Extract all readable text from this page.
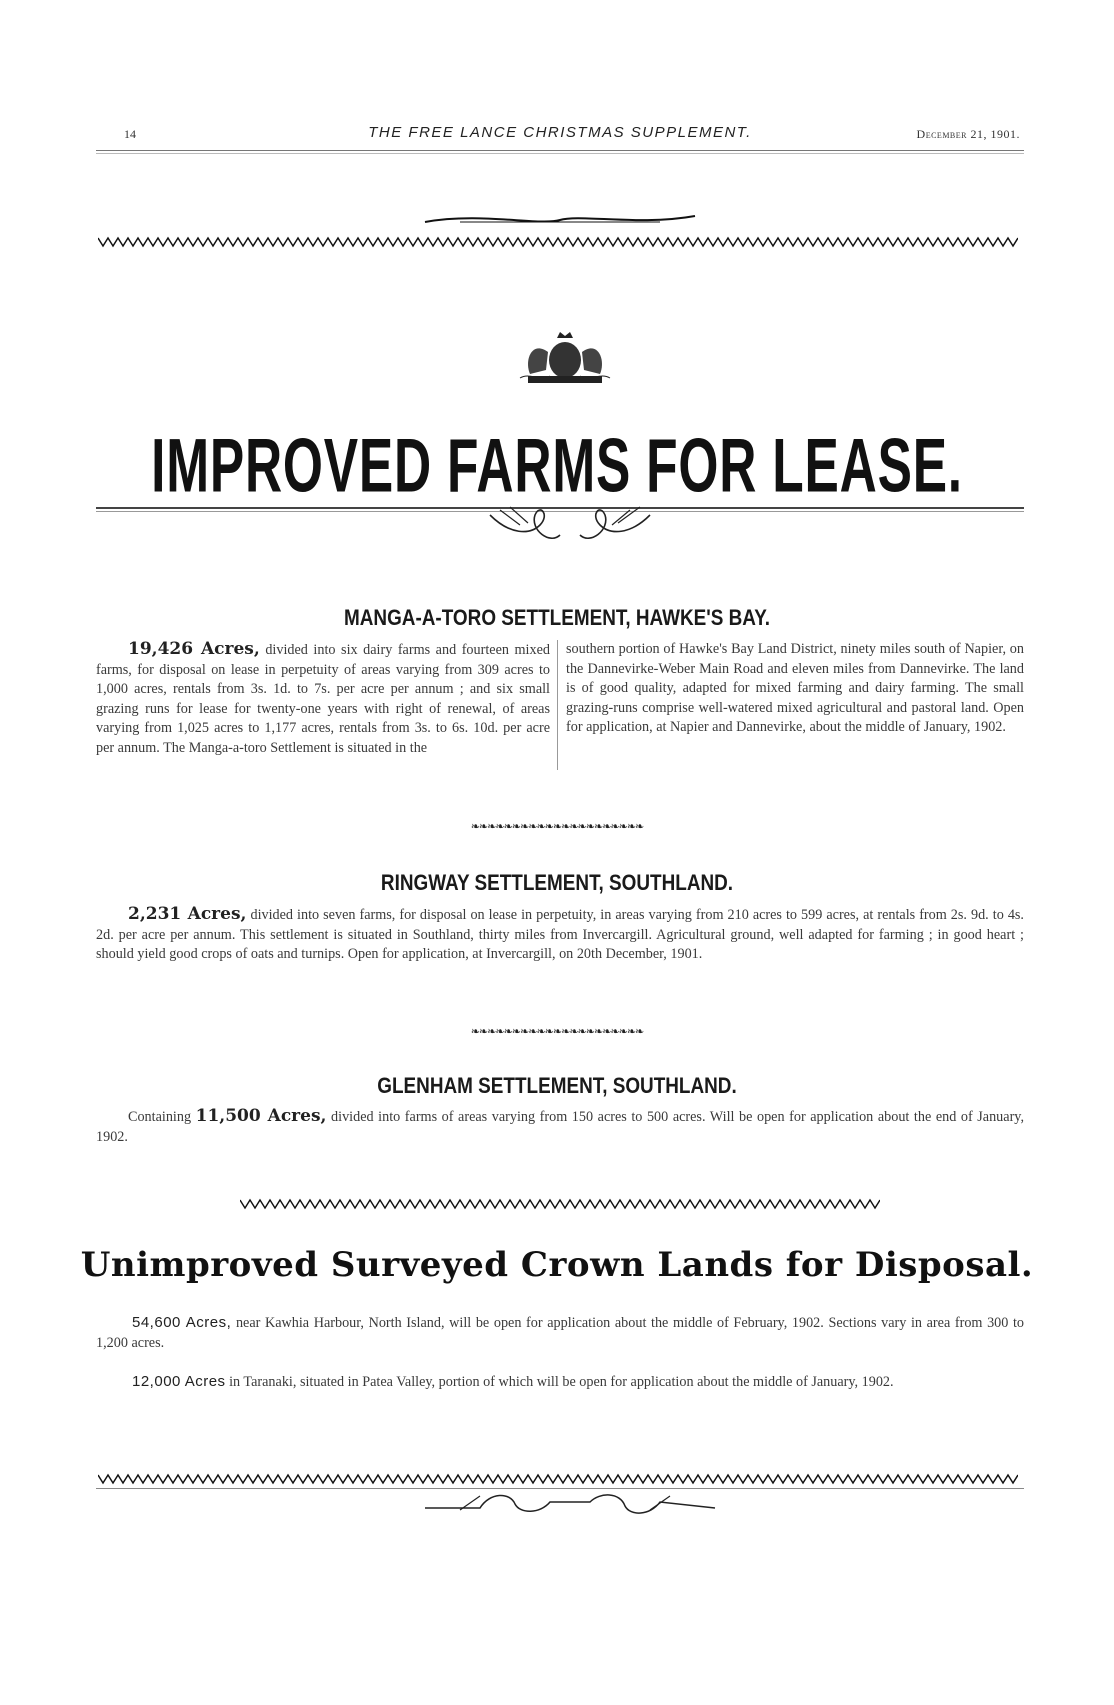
14	THE FREE LANCE CHRISTMAS SUPPLEMENT.	December 21, 1901.
IMPROVED FARMS FOR LEASE.
MANGA-A-TORO SETTLEMENT, HAWKE'S BAY.
19,426 Acres, divided into six dairy farms and fourteen mixed farms, for disposal on lease in perpetuity of areas varying from 309 acres to 1,000 acres, rentals from 3s. 1d. to 7s. per acre per annum ; and six small grazing runs for lease for twenty-one years with right of renewal, of areas varying from 1,025 acres to 1,177 acres, rentals from 3s. to 6s. 10d. per acre per annum. The Manga-a-toro Settlement is situated in the
southern portion of Hawke's Bay Land District, ninety miles south of Napier, on the Dannevirke-Weber Main Road and eleven miles from Dannevirke. The land is of good quality, adapted for mixed farming and dairy farming. The small grazing-runs comprise well-watered mixed agricultural and pastoral land. Open for application, at Napier and Dannevirke, about the middle of January, 1902.
❧❧❧❧❧❧❧❧❧❧❧❧❧❧❧❧❧❧❧❧❧
RINGWAY SETTLEMENT, SOUTHLAND.
2,231 Acres, divided into seven farms, for disposal on lease in perpetuity, in areas varying from 210 acres to 599 acres, at rentals from 2s. 9d. to 4s. 2d. per acre per annum. This settlement is situated in Southland, thirty miles from Invercargill. Agricultural ground, well adapted for farming ; in good heart ; should yield good crops of oats and turnips. Open for application, at Invercargill, on 20th December, 1901.
❧❧❧❧❧❧❧❧❧❧❧❧❧❧❧❧❧❧❧❧❧
GLENHAM SETTLEMENT, SOUTHLAND.
Containing 11,500 Acres, divided into farms of areas varying from 150 acres to 500 acres. Will be open for application about the end of January, 1902.
Unimproved Surveyed Crown Lands for Disposal.
54,600 Acres, near Kawhia Harbour, North Island, will be open for application about the middle of February, 1902. Sections vary in area from 300 to 1,200 acres.
12,000 Acres in Taranaki, situated in Patea Valley, portion of which will be open for application about the middle of January, 1902.
